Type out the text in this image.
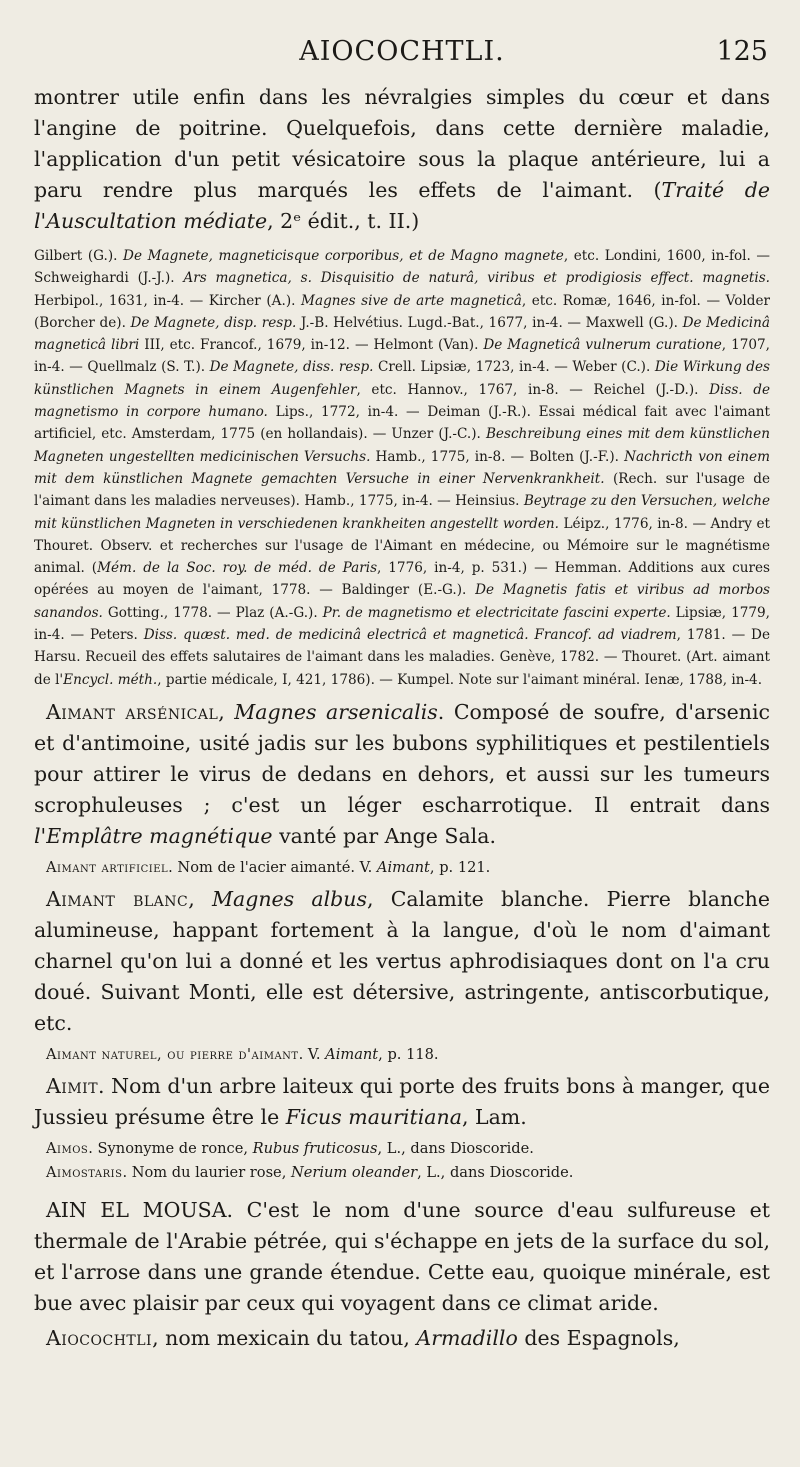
AIOCOCHTLI.	125

montrer utile enfin dans les névralgies simples du cœur et dans l'angine de poitrine. Quelquefois, dans cette dernière maladie, l'application d'un petit vésicatoire sous la plaque antérieure, lui a paru rendre plus marqués les effets de l'aimant. (Traité de l'Auscultation médiate, 2ᵉ édit., t. II.)

Gilbert (G.). De Magnete, magneticisque corporibus, et de Magno magnete, etc. Londini, 1600, in-fol. — Schweighardi (J.-J.). Ars magnetica, s. Disquisitio de naturâ, viribus et prodigiosis effect. magnetis. Herbipol., 1631, in-4. — Kircher (A.). Magnes sive de arte magneticâ, etc. Romæ, 1646, in-fol. — Volder (Borcher de). De Magnete, disp. resp. J.-B. Helvétius. Lugd.-Bat., 1677, in-4. — Maxwell (G.). De Medicinâ magneticâ libri III, etc. Francof., 1679, in-12. — Helmont (Van). De Magneticâ vulnerum curatione, 1707, in-4. — Quellmalz (S. T.). De Magnete, diss. resp. Crell. Lipsiæ, 1723, in-4. — Weber (C.). Die Wirkung des künstlichen Magnets in einem Augenfehler, etc. Hannov., 1767, in-8. — Reichel (J.-D.). Diss. de magnetismo in corpore humano. Lips., 1772, in-4. — Deiman (J.-R.). Essai médical fait avec l'aimant artificiel, etc. Amsterdam, 1775 (en hollandais). — Unzer (J.-C.). Beschreibung eines mit dem künstlichen Magneten ungestellten medicinischen Versuchs. Hamb., 1775, in-8. — Bolten (J.-F.). Nachricth von einem mit dem künstlichen Magnete gemachten Versuche in einer Nervenkrankheit. (Rech. sur l'usage de l'aimant dans les maladies nerveuses). Hamb., 1775, in-4. — Heinsius. Beytrage zu den Versuchen, welche mit künstlichen Magneten in verschiedenen krankheiten angestellt worden. Léipz., 1776, in-8. — Andry et Thouret. Observ. et recherches sur l'usage de l'Aimant en médecine, ou Mémoire sur le magnétisme animal. (Mém. de la Soc. roy. de méd. de Paris, 1776, in-4, p. 531.) — Hemman. Additions aux cures opérées au moyen de l'aimant, 1778. — Baldinger (E.-G.). De Magnetis fatis et viribus ad morbos sanandos. Gotting., 1778. — Plaz (A.-G.). Pr. de magnetismo et electricitate fascini experte. Lipsiæ, 1779, in-4. — Peters. Diss. quæst. med. de medicinâ electricâ et magneticâ. Francof. ad viadrem, 1781. — De Harsu. Recueil des effets salutaires de l'aimant dans les maladies. Genève, 1782. — Thouret. (Art. aimant de l'Encycl. méth., partie médicale, I, 421, 1786). — Kumpel. Note sur l'aimant minéral. Ienæ, 1788, in-4.

Aimant arsénical, Magnes arsenicalis. Composé de soufre, d'arsenic et d'antimoine, usité jadis sur les bubons syphilitiques et pestilentiels pour attirer le virus de dedans en dehors, et aussi sur les tumeurs scrophuleuses ; c'est un léger escharrotique. Il entrait dans l'Emplâtre magnétique vanté par Ange Sala.

Aimant artificiel. Nom de l'acier aimanté. V. Aimant, p. 121.

Aimant blanc, Magnes albus, Calamite blanche. Pierre blanche alumineuse, happant fortement à la langue, d'où le nom d'aimant charnel qu'on lui a donné et les vertus aphrodisiaques dont on l'a cru doué. Suivant Monti, elle est détersive, astringente, antiscorbutique, etc.

Aimant naturel, ou pierre d'aimant. V. Aimant, p. 118.

Aimit. Nom d'un arbre laiteux qui porte des fruits bons à manger, que Jussieu présume être le Ficus mauritiana, Lam.

Aimos. Synonyme de ronce, Rubus fruticosus, L., dans Dioscoride.

Aimostaris. Nom du laurier rose, Nerium oleander, L., dans Dioscoride.

AIN EL MOUSA. C'est le nom d'une source d'eau sulfureuse et thermale de l'Arabie pétrée, qui s'échappe en jets de la surface du sol, et l'arrose dans une grande étendue. Cette eau, quoique minérale, est bue avec plaisir par ceux qui voyagent dans ce climat aride.

Aiocochtli, nom mexicain du tatou, Armadillo des Espagnols,
